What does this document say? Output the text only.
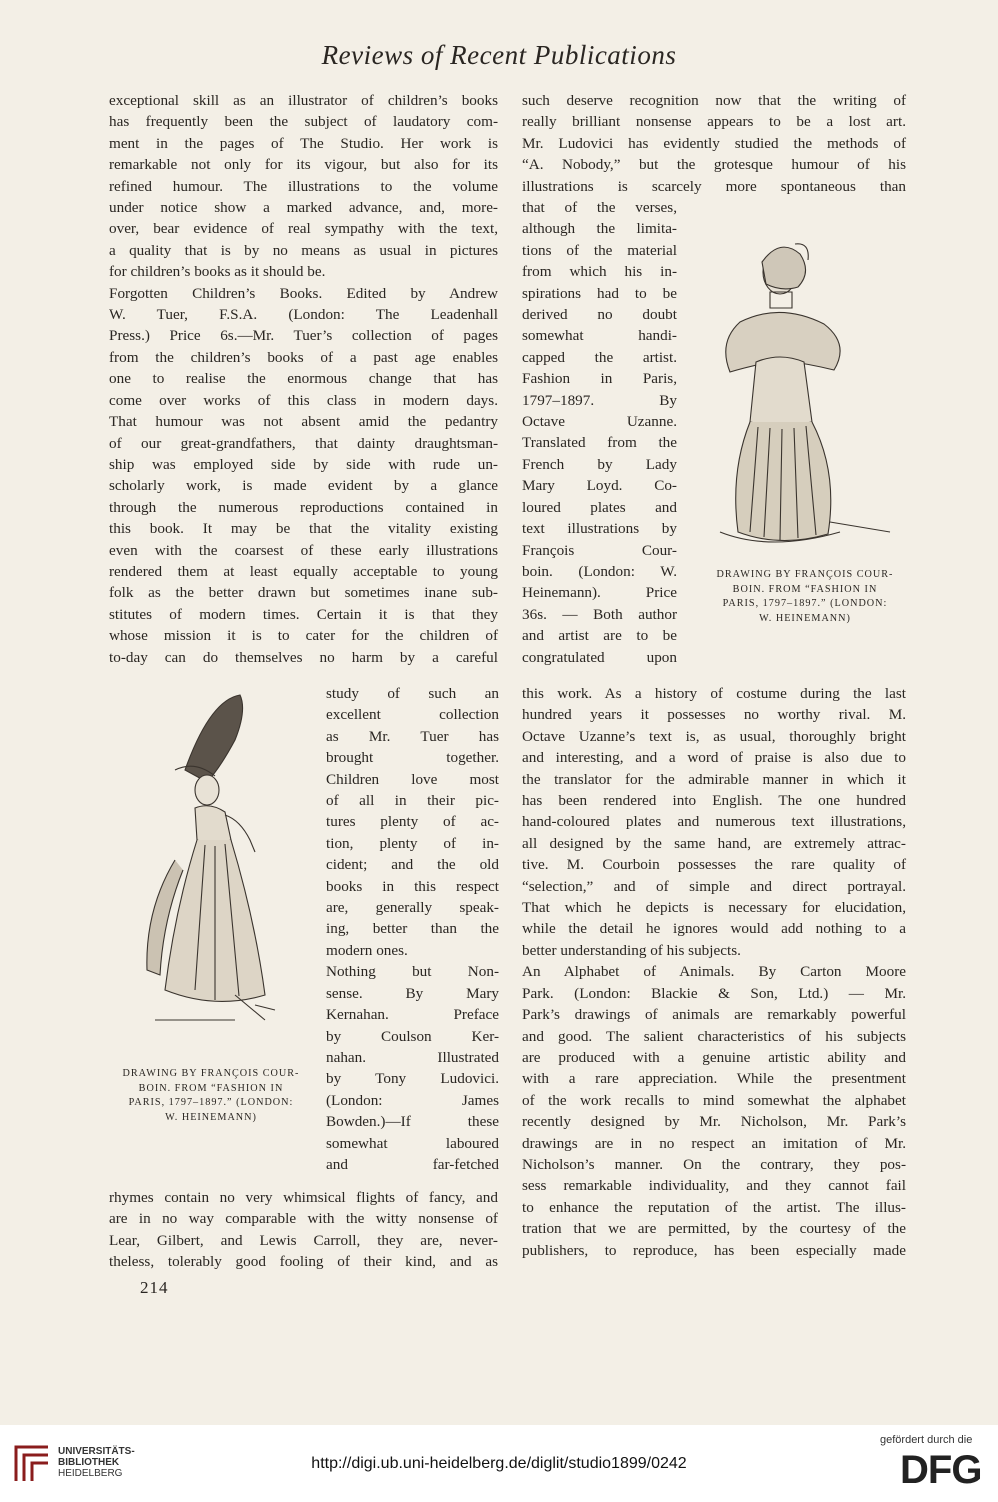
Reviews of Recent Publications
exceptional skill as an illustrator of children’s books
has frequently been the subject of laudatory com-
ment in the pages of The Studio. Her work is
remarkable not only for its vigour, but also for its
refined humour. The illustrations to the volume
under notice show a marked advance, and, more-
over, bear evidence of real sympathy with the text,
a quality that is by no means as usual in pictures
for children’s books as it should be.
Forgotten Children’s Books. Edited by Andrew
W. Tuer, F.S.A. (London: The Leadenhall
Press.) Price 6s.—Mr. Tuer’s collection of pages
from the children’s books of a past age enables
one to realise the enormous change that has
come over works of this class in modern days.
That humour was not absent amid the pedantry
of our great-grandfathers, that dainty draughtsman-
ship was employed side by side with rude un-
scholarly work, is made evident by a glance
through the numerous reproductions contained in
this book. It may be that the vitality existing
even with the coarsest of these early illustrations
rendered them at least equally acceptable to young
folk as the better drawn but sometimes inane sub-
stitutes of modern times. Certain it is that they
whose mission it is to cater for the children of
to-day can do themselves no harm by a careful
study of such an
excellent collection
as Mr. Tuer has
brought together.
Children love most
of all in their pic-
tures plenty of ac-
tion, plenty of in-
cident; and the old
books in this respect
are, generally speak-
ing, better than the
modern ones.
Nothing but Non-
sense. By Mary
Kernahan. Preface
by Coulson Ker-
nahan. Illustrated
by Tony Ludovici.
(London: James
Bowden.)—If these
somewhat laboured
and far-fetched
rhymes contain no very whimsical flights of fancy, and
are in no way comparable with the witty nonsense of
Lear, Gilbert, and Lewis Carroll, they are, never-
theless, tolerably good fooling of their kind, and as
such deserve recognition now that the writing of
really brilliant nonsense appears to be a lost art.
Mr. Ludovici has evidently studied the methods of
“A. Nobody,” but the grotesque humour of his
illustrations is scarcely more spontaneous than
that of the verses,
although the limita-
tions of the material
from which his in-
spirations had to be
derived no doubt
somewhat handi-
capped the artist.
Fashion in Paris,
1797–1897. By
Octave Uzanne.
Translated from the
French by Lady
Mary Loyd. Co-
loured plates and
text illustrations by
François Cour-
boin. (London: W.
Heinemann). Price
36s. — Both author
and artist are to be
congratulated upon
this work. As a history of costume during the last
hundred years it possesses no worthy rival. M.
Octave Uzanne’s text is, as usual, thoroughly bright
and interesting, and a word of praise is also due to
the translator for the admirable manner in which it
has been rendered into English. The one hundred
hand-coloured plates and numerous text illustrations,
all designed by the same hand, are extremely attrac-
tive. M. Courboin possesses the rare quality of
“selection,” and of simple and direct portrayal.
That which he depicts is necessary for elucidation,
while the detail he ignores would add nothing to a
better understanding of his subjects.
An Alphabet of Animals. By Carton Moore
Park. (London: Blackie & Son, Ltd.) — Mr.
Park’s drawings of animals are remarkably powerful
and good. The salient characteristics of his subjects
are produced with a genuine artistic ability and
with a rare appreciation. While the presentment
of the work recalls to mind somewhat the alphabet
recently designed by Mr. Nicholson, Mr. Park’s
drawings are in no respect an imitation of Mr.
Nicholson’s manner. On the contrary, they pos-
sess remarkable individuality, and they cannot fail
to enhance the reputation of the artist. The illus-
tration that we are permitted, by the courtesy of the
publishers, to reproduce, has been especially made
DRAWING BY FRANÇOIS COUR-
BOIN. FROM “FASHION IN
PARIS, 1797–1897.” (LONDON:
W. HEINEMANN)
DRAWING BY FRANÇOIS COUR-
BOIN. FROM “FASHION IN
PARIS, 1797–1897.” (LONDON:
W. HEINEMANN)
214
UNIVERSITÄTS-
BIBLIOTHEK
HEIDELBERG
http://digi.ub.uni-heidelberg.de/diglit/studio1899/0242
gefördert durch die
DFG
